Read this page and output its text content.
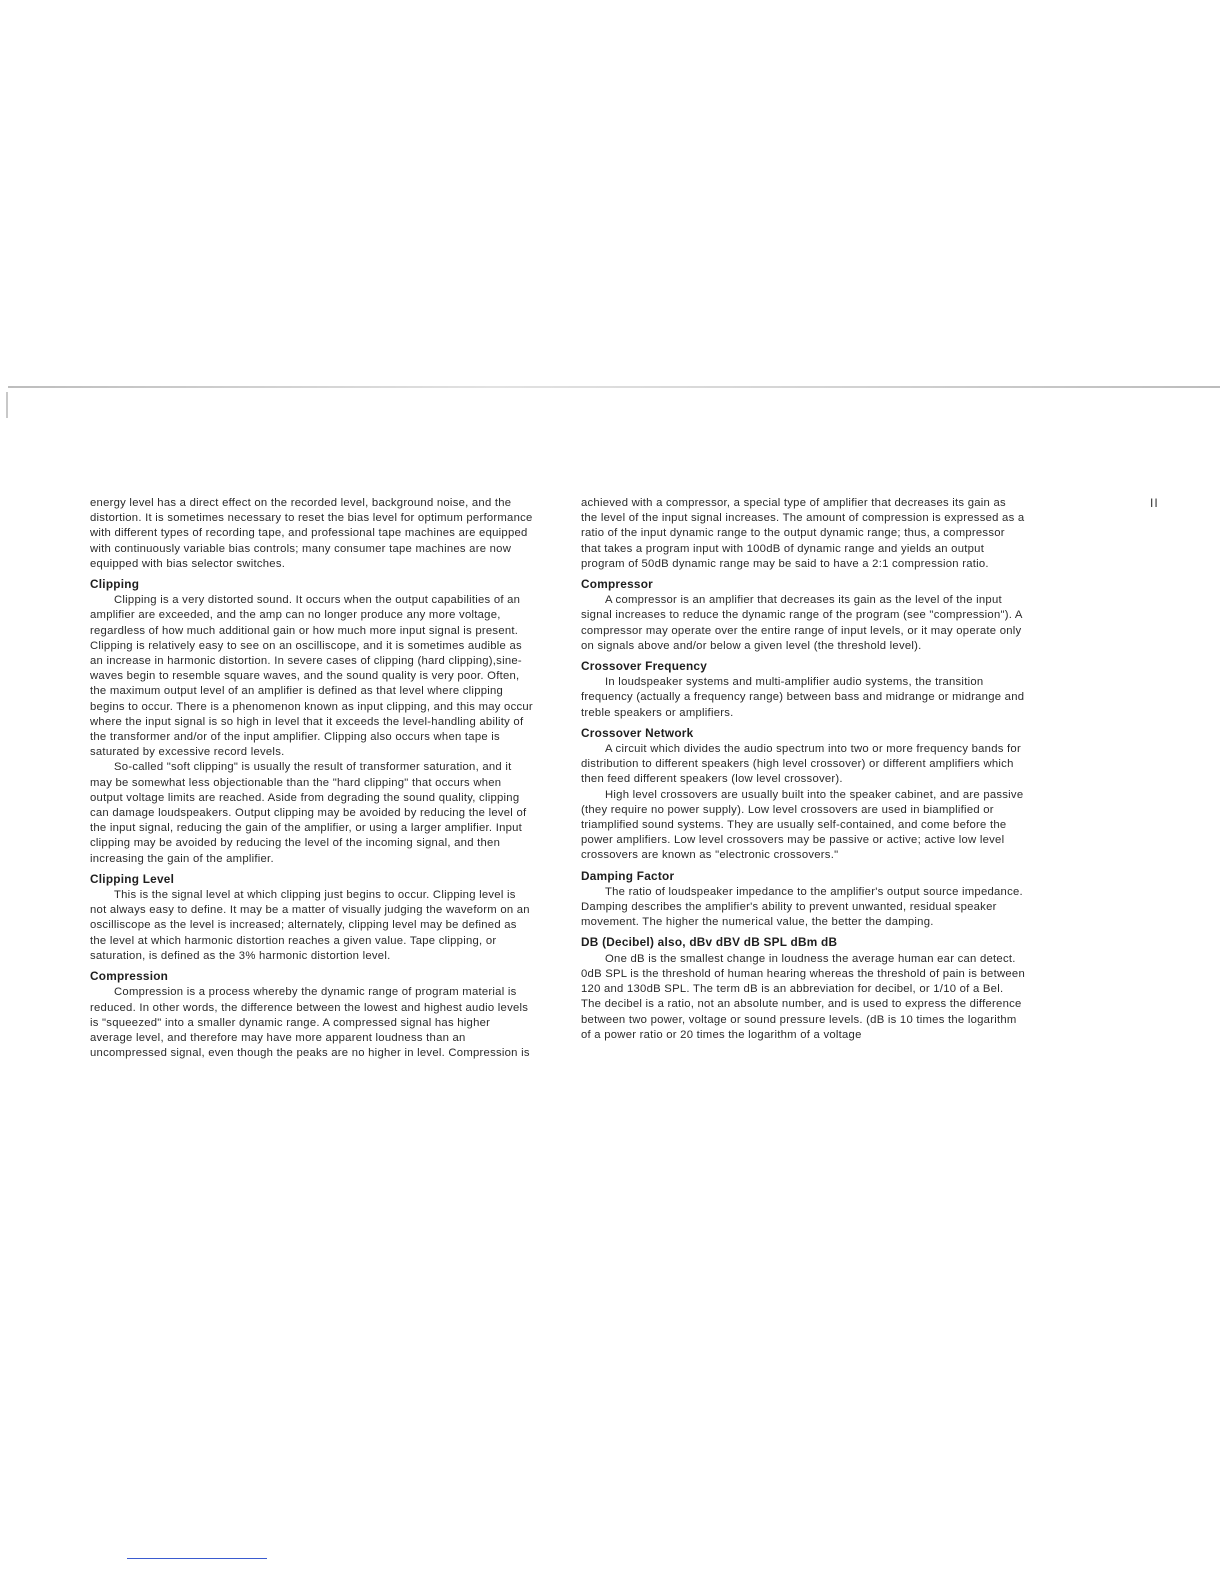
energy level has a direct effect on the recorded level, background noise, and the distortion. It is sometimes necessary to reset the bias level for optimum performance with different types of recording tape, and professional tape machines are equipped with continuously variable bias controls; many consumer tape machines are now equipped with bias selector switches.

Clipping

Clipping is a very distorted sound. It occurs when the output capabilities of an amplifier are exceeded, and the amp can no longer produce any more voltage, regardless of how much additional gain or how much more input signal is present. Clipping is relatively easy to see on an oscilliscope, and it is sometimes audible as an increase in harmonic distortion. In severe cases of clipping (hard clipping),sine-waves begin to resemble square waves, and the sound quality is very poor. Often, the maximum output level of an amplifier is defined as that level where clipping begins to occur. There is a phenomenon known as input clipping, and this may occur where the input signal is so high in level that it exceeds the level-handling ability of the transformer and/or of the input amplifier. Clipping also occurs when tape is saturated by excessive record levels.

So-called "soft clipping" is usually the result of transformer saturation, and it may be somewhat less objectionable than the "hard clipping" that occurs when output voltage limits are reached. Aside from degrading the sound quality, clipping can damage loudspeakers. Output clipping may be avoided by reducing the level of the input signal, reducing the gain of the amplifier, or using a larger amplifier. Input clipping may be avoided by reducing the level of the incoming signal, and then increasing the gain of the amplifier.

Clipping Level

This is the signal level at which clipping just begins to occur. Clipping level is not always easy to define. It may be a matter of visually judging the waveform on an oscilliscope as the level is increased; alternately, clipping level may be defined as the level at which harmonic distortion reaches a given value. Tape clipping, or saturation, is defined as the 3% harmonic distortion level.

Compression

Compression is a process whereby the dynamic range of program material is reduced. In other words, the difference between the lowest and highest audio levels is "squeezed" into a smaller dynamic range. A compressed signal has higher average level, and therefore may have more apparent loudness than an uncompressed signal, even though the peaks are no higher in level. Compression is

achieved with a compressor, a special type of amplifier that decreases its gain as the level of the input signal increases. The amount of compression is expressed as a ratio of the input dynamic range to the output dynamic range; thus, a compressor that takes a program input with 100dB of dynamic range and yields an output program of 50dB dynamic range may be said to have a 2:1 compression ratio.

Compressor

A compressor is an amplifier that decreases its gain as the level of the input signal increases to reduce the dynamic range of the program (see "compression"). A compressor may operate over the entire range of input levels, or it may operate only on signals above and/or below a given level (the threshold level).

Crossover Frequency

In loudspeaker systems and multi-amplifier audio systems, the transition frequency (actually a frequency range) between bass and midrange or midrange and treble speakers or amplifiers.

Crossover Network

A circuit which divides the audio spectrum into two or more frequency bands for distribution to different speakers (high level crossover) or different amplifiers which then feed different speakers (low level crossover).

High level crossovers are usually built into the speaker cabinet, and are passive (they require no power supply). Low level crossovers are used in biamplified or triamplified sound systems. They are usually self-contained, and come before the power amplifiers. Low level crossovers may be passive or active; active low level crossovers are known as "electronic crossovers."

Damping Factor

The ratio of loudspeaker impedance to the amplifier's output source impedance. Damping describes the amplifier's ability to prevent unwanted, residual speaker movement. The higher the numerical value, the better the damping.

DB (Decibel) also, dBv dBV dB SPL dBm dB

One dB is the smallest change in loudness the average human ear can detect. 0dB SPL is the threshold of human hearing whereas the threshold of pain is between 120 and 130dB SPL. The term dB is an abbreviation for decibel, or 1/10 of a Bel. The decibel is a ratio, not an absolute number, and is used to express the difference between two power, voltage or sound pressure levels. (dB is 10 times the logarithm of a power ratio or 20 times the logarithm of a voltage

II
